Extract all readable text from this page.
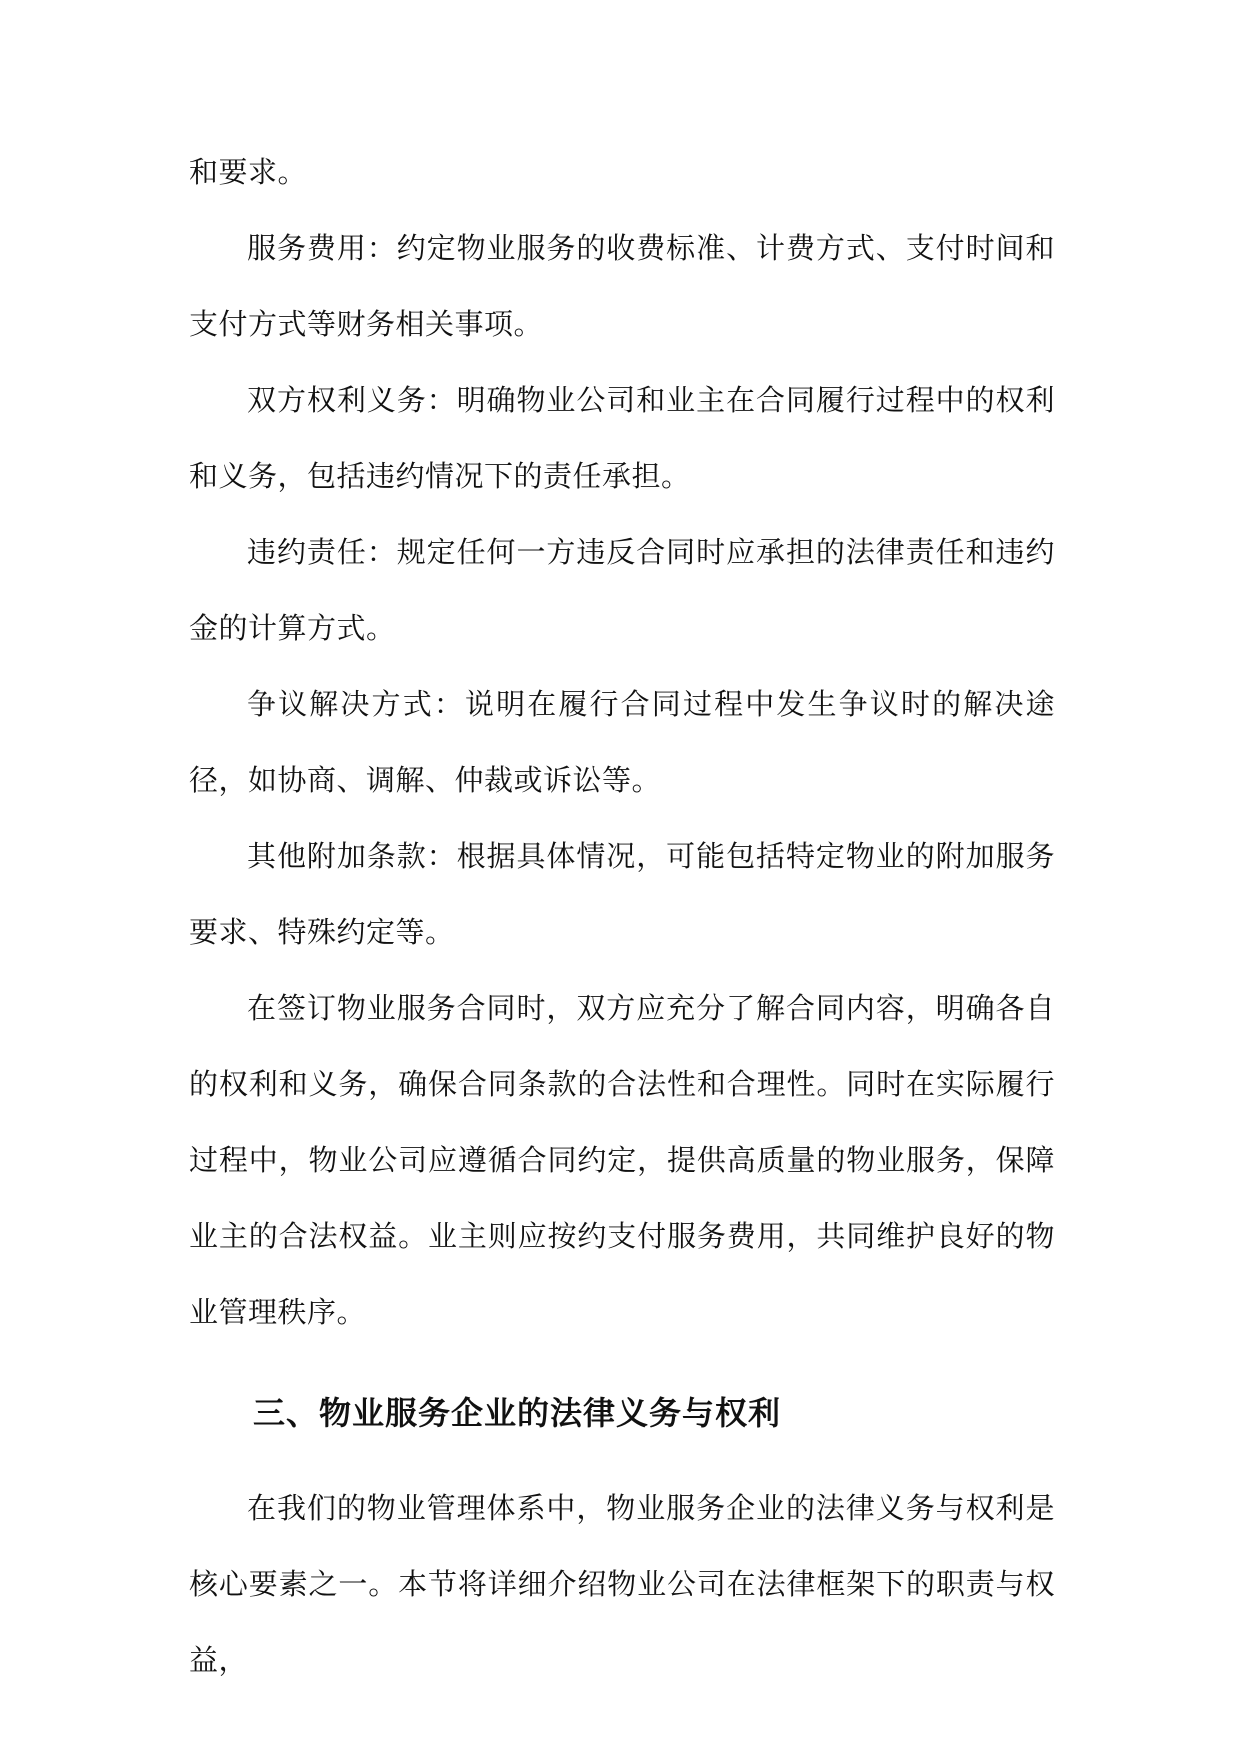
和要求。

服务费用：约定物业服务的收费标准、计费方式、支付时间和支付方式等财务相关事项。

双方权利义务：明确物业公司和业主在合同履行过程中的权利和义务，包括违约情况下的责任承担。

违约责任：规定任何一方违反合同时应承担的法律责任和违约金的计算方式。

争议解决方式：说明在履行合同过程中发生争议时的解决途径，如协商、调解、仲裁或诉讼等。

其他附加条款：根据具体情况，可能包括特定物业的附加服务要求、特殊约定等。

在签订物业服务合同时，双方应充分了解合同内容，明确各自的权利和义务，确保合同条款的合法性和合理性。同时在实际履行过程中，物业公司应遵循合同约定，提供高质量的物业服务，保障业主的合法权益。业主则应按约支付服务费用，共同维护良好的物业管理秩序。

三、物业服务企业的法律义务与权利

在我们的物业管理体系中，物业服务企业的法律义务与权利是核心要素之一。本节将详细介绍物业公司在法律框架下的职责与权益，
